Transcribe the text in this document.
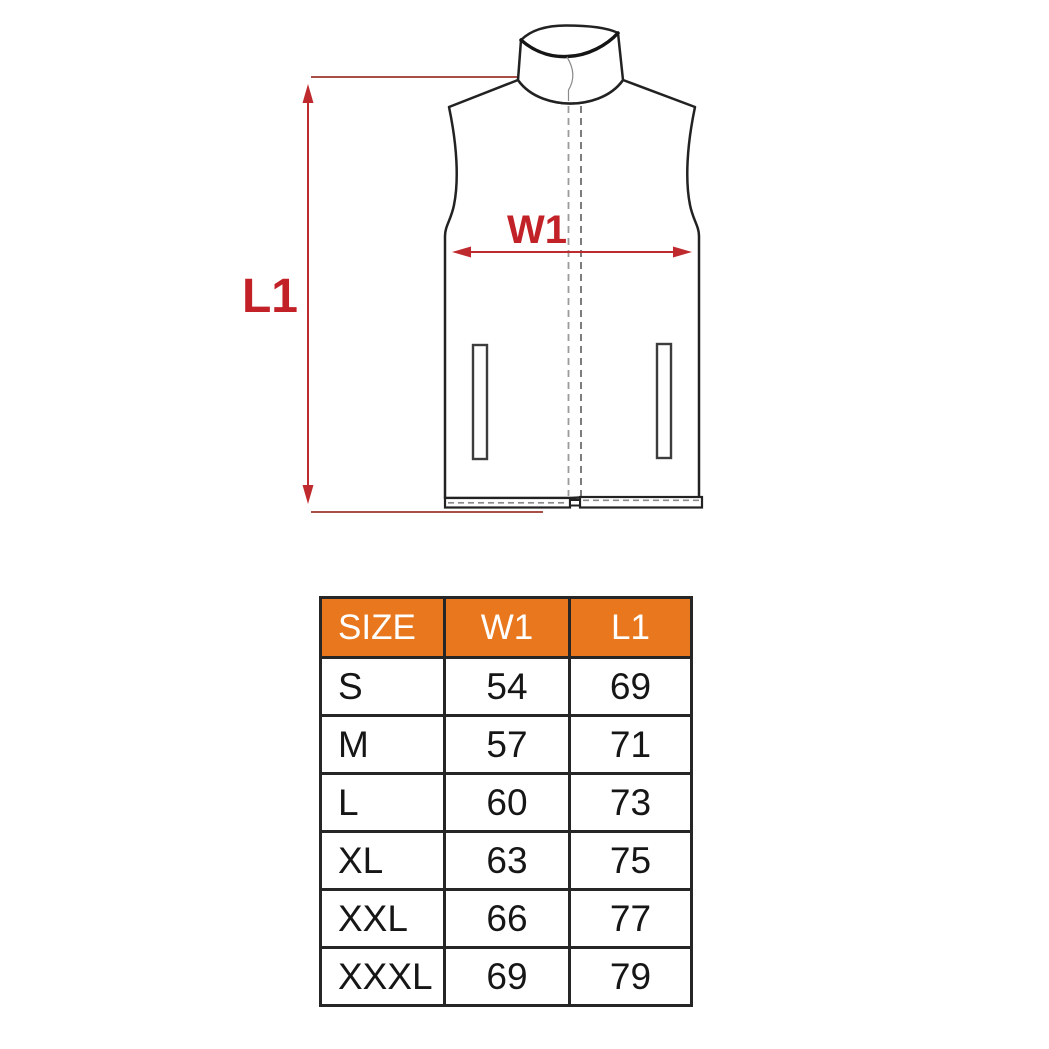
L1
W1
SIZE	W1	L1
S	54	69
M	57	71
L	60	73
XL	63	75
XXL	66	77
XXXL	69	79
